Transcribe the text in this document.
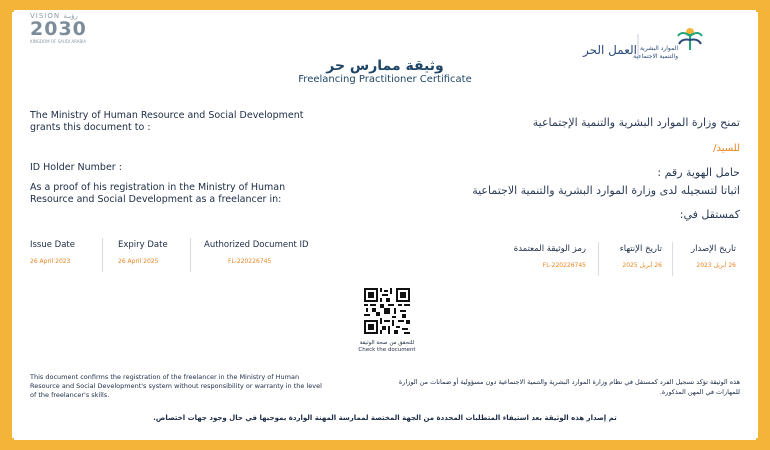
VISION رؤيـة
2030
KINGDOM OF SAUDI ARABIA
الموارد البشرية
والتنمية الاجتماعية
العمل الحر
وثيقة ممارس حر
Freelancing Practitioner Certificate
The Ministry of Human Resource and Social Development grants this document to :
ID Holder Number :
As a proof of his registration in the Ministry of Human Resource and Social Development as a freelancer in:
تمنح وزارة الموارد البشرية والتنمية الإجتماعية
للسيد/
حامل الهوية رقم :
اثباتا لتسجيله لدى وزارة الموارد البشرية والتنمية الاجتماعية
كمستقل في:
Issue Date
26 April 2023
Expiry Date
26 April 2025
Authorized Document ID
FL-220226745
رمز الوثيقة المعتمدة
FL-220226745
تاريخ الإنتهاء
26 أبريل 2025
تاريخ الإصدار
26 أبريل 2023
للتحقق من صحة الوثيقة
Check the document
This document confirms the registration of the freelancer in the Ministry of Human Resource and Social Development's system without responsibility or warranty in the level of the freelancer's skills.
هذه الوثيقة تؤكد تسجيل الفرد كمستقل في نظام وزارة الموارد البشرية والتنمية الاجتماعية دون مسؤولية أو ضمانات من الوزارة للمهارات في المهن المذكورة.
تم إصدار هذه الوثيقة بعد استيفاء المتطلبات المحددة من الجهة المختصة لممارسة المهنة الواردة بموجبها في حال وجود جهات اختصاص.
